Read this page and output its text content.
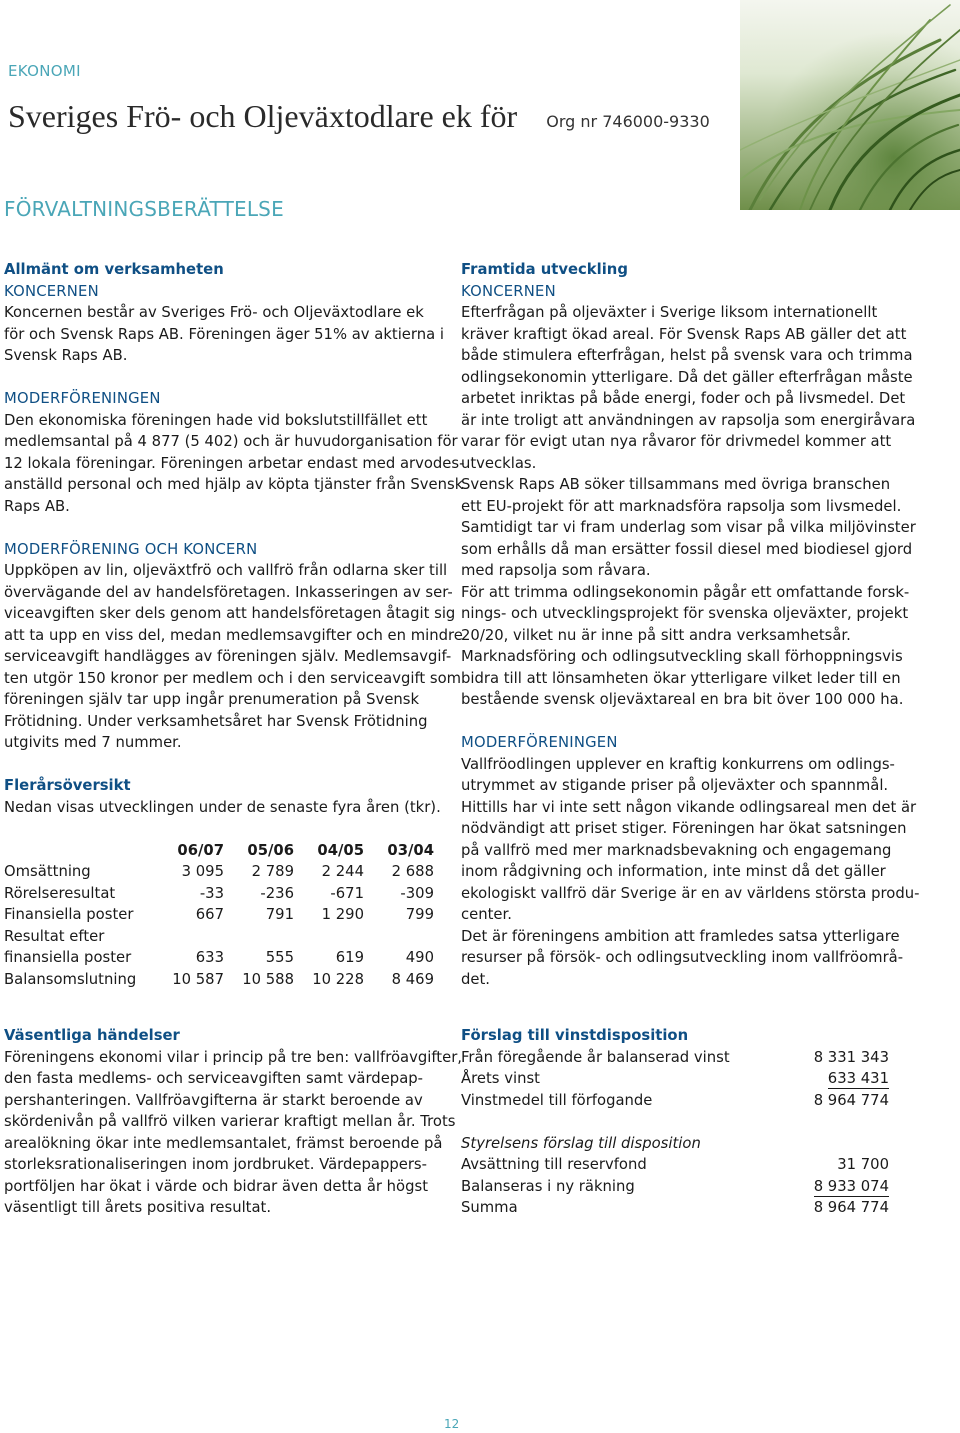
EKONOMI
Sveriges Frö- och Oljeväxtodlare ek för Org nr 746000-9330
FÖRVALTNINGSBERÄTTELSE
Allmänt om verksamheten
KONCERNEN
Koncernen består av Sveriges Frö- och Oljeväxtodlare ek
för och Svensk Raps AB. Föreningen äger 51% av aktierna i
Svensk Raps AB.
MODERFÖRENINGEN
Den ekonomiska föreningen hade vid bokslutstillfället ett
medlemsantal på 4 877 (5 402) och är huvudorganisation för
12 lokala föreningar. Föreningen arbetar endast med arvodes-
anställd personal och med hjälp av köpta tjänster från Svensk
Raps AB.
MODERFÖRENING OCH KONCERN
Uppköpen av lin, oljeväxtfrö och vallfrö från odlarna sker till
övervägande del av handelsföretagen. Inkasseringen av ser-
viceavgiften sker dels genom att handelsföretagen åtagit sig
att ta upp en viss del, medan medlemsavgifter och en mindre
serviceavgift handlägges av föreningen själv. Medlemsavgif-
ten utgör 150 kronor per medlem och i den serviceavgift som
föreningen själv tar upp ingår prenumeration på Svensk
Frötidning. Under verksamhetsåret har Svensk Frötidning
utgivits med 7 nummer.
Flerårsöversikt
Nedan visas utvecklingen under de senaste fyra åren (tkr).
	06/07	05/06	04/05	03/04
Omsättning	3 095	2 789	2 244	2 688
Rörelseresultat	-33	-236	-671	-309
Finansiella poster	667	791	1 290	799
Resultat efter				
finansiella poster	633	555	619	490
Balansomslutning	10 587	10 588	10 228	8 469
Framtida utveckling
KONCERNEN
Efterfrågan på oljeväxter i Sverige liksom internationellt
kräver kraftigt ökad areal. För Svensk Raps AB gäller det att
både stimulera efterfrågan, helst på svensk vara och trimma
odlingsekonomin ytterligare. Då det gäller efterfrågan måste
arbetet inriktas på både energi, foder och på livsmedel. Det
är inte troligt att användningen av rapsolja som energiråvara
varar för evigt utan nya råvaror för drivmedel kommer att
utvecklas.
Svensk Raps AB söker tillsammans med övriga branschen
ett EU-projekt för att marknadsföra rapsolja som livsmedel.
Samtidigt tar vi fram underlag som visar på vilka miljövinster
som erhålls då man ersätter fossil diesel med biodiesel gjord
med rapsolja som råvara.
För att trimma odlingsekonomin pågår ett omfattande forsk-
nings- och utvecklingsprojekt för svenska oljeväxter, projekt
20/20, vilket nu är inne på sitt andra verksamhetsår.
Marknadsföring och odlingsutveckling skall förhoppningsvis
bidra till att lönsamheten ökar ytterligare vilket leder till en
bestående svensk oljeväxtareal en bra bit över 100 000 ha.
MODERFÖRENINGEN
Vallfröodlingen upplever en kraftig konkurrens om odlings-
utrymmet av stigande priser på oljeväxter och spannmål.
Hittills har vi inte sett någon vikande odlingsareal men det är
nödvändigt att priset stiger. Föreningen har ökat satsningen
på vallfrö med mer marknadsbevakning och engagemang
inom rådgivning och information, inte minst då det gäller
ekologiskt vallfrö där Sverige är en av världens största produ-
center.
Det är föreningens ambition att framledes satsa ytterligare
resurser på försök- och odlingsutveckling inom vallfröområ-
det.
Väsentliga händelser
Föreningens ekonomi vilar i princip på tre ben: vallfröavgifter,
den fasta medlems- och serviceavgiften samt värdepap-
pershanteringen. Vallfröavgifterna är starkt beroende av
skördenivån på vallfrö vilken varierar kraftigt mellan år. Trots
arealökning ökar inte medlemsantalet, främst beroende på
storleksrationaliseringen inom jordbruket. Värdepappers-
portföljen har ökat i värde och bidrar även detta år högst
väsentligt till årets positiva resultat.
Förslag till vinstdisposition
Från föregående år balanserad vinst	8 331 343
Årets vinst	633 431
Vinstmedel till förfogande	8 964 774

Styrelsens förslag till disposition	
Avsättning till reservfond	31 700
Balanseras i ny räkning	8 933 074
Summa	8 964 774
12
